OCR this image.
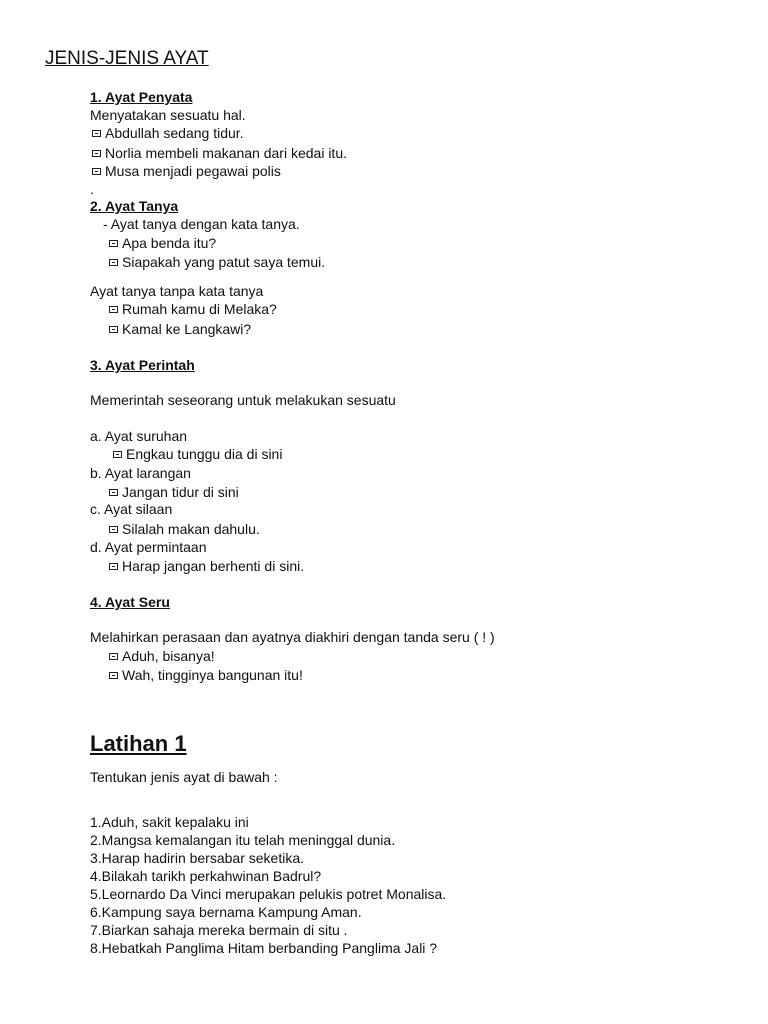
JENIS-JENIS AYAT
1. Ayat Penyata
Menyatakan sesuatu hal.
Abdullah sedang tidur.
Norlia membeli makanan dari kedai itu.
Musa menjadi pegawai polis
.
2. Ayat Tanya
- Ayat tanya dengan kata tanya.
Apa benda itu?
Siapakah yang patut saya temui.
Ayat tanya tanpa kata tanya
Rumah kamu di Melaka?
Kamal ke Langkawi?
3. Ayat Perintah
Memerintah seseorang untuk melakukan sesuatu
a. Ayat suruhan
Engkau tunggu dia di sini
b. Ayat larangan
Jangan tidur di sini
c. Ayat silaan
Silalah makan dahulu.
d. Ayat permintaan
Harap jangan berhenti di sini.
4. Ayat Seru
Melahirkan perasaan dan ayatnya diakhiri dengan tanda seru ( ! )
Aduh, bisanya!
Wah, tingginya bangunan itu!
Latihan 1
Tentukan jenis ayat di bawah :
1.Aduh, sakit kepalaku ini
2.Mangsa kemalangan itu telah meninggal dunia.
3.Harap hadirin bersabar seketika.
4.Bilakah tarikh perkahwinan Badrul?
5.Leornardo Da Vinci merupakan pelukis potret Monalisa.
6.Kampung saya bernama Kampung Aman.
7.Biarkan sahaja mereka bermain di situ .
8.Hebatkah Panglima Hitam berbanding Panglima Jali ?
